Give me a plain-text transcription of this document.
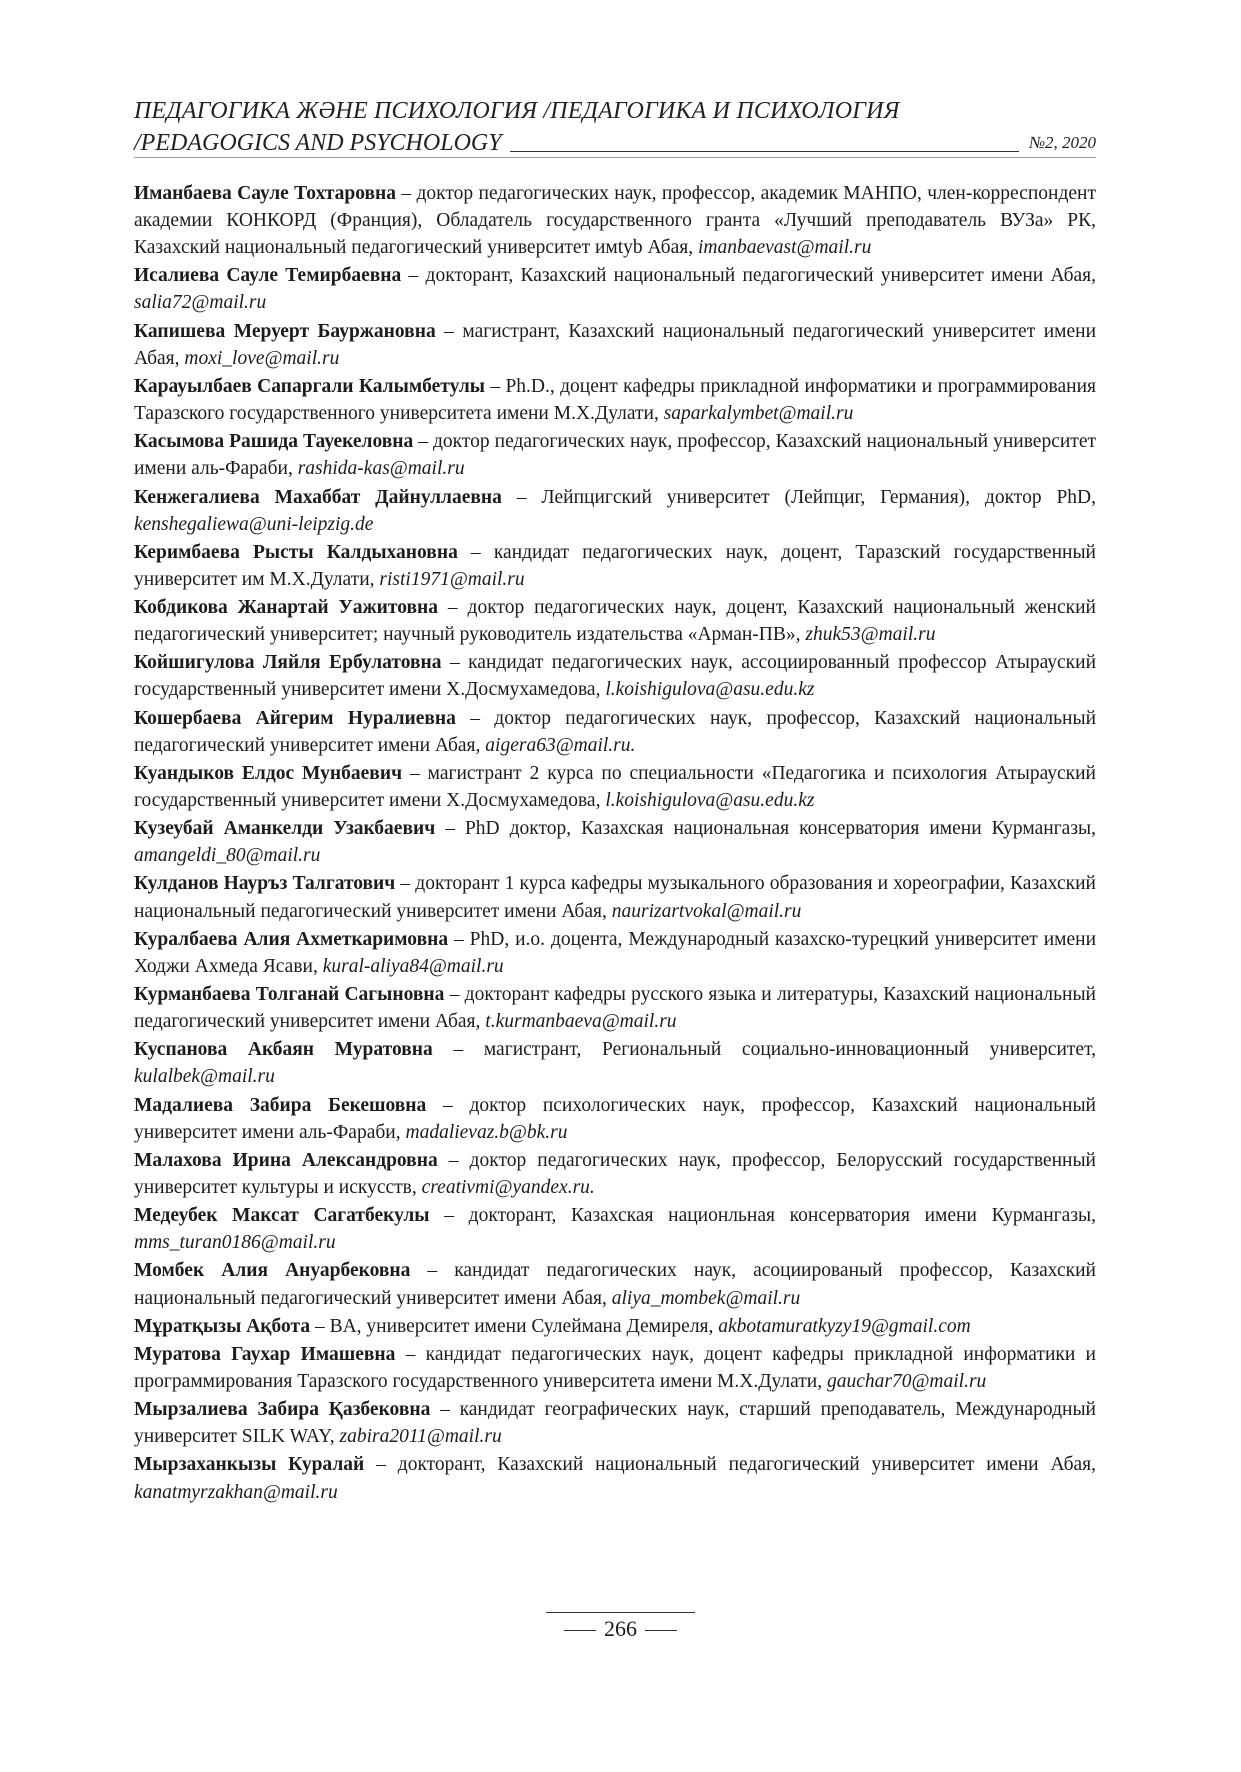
ПЕДАГОГИКА ЖӘНЕ ПСИХОЛОГИЯ /ПЕДАГОГИКА И ПСИХОЛОГИЯ
/PEDAGOGICS AND PSYCHOLOGY	№2, 2020

Иманбаева Сауле Тохтаровна – доктор педагогических наук, профессор, академик МАНПО, член-корреспондент академии КОНКОРД (Франция), Обладатель государственного гранта «Лучший преподаватель ВУЗа» РК, Казахский национальный педагогический университет имtyb Абая, imanbaevast@mail.ru

Исалиева Сауле Темирбаевна – докторант, Казахский национальный педагогический университет имени Абая, salia72@mail.ru

Капишева Меруерт Бауржановна – магистрант, Казахский национальный педагогический университет имени Абая, moxi_love@mail.ru

Карауылбаев Сапаргали Калымбетулы – Ph.D., доцент кафедры прикладной информатики и программирования Таразского государственного университета имени М.Х.Дулати, saparkalymbet@mail.ru

Касымова Рашида Тауекеловна – доктор педагогических наук, профессор, Казахский национальный университет имени аль-Фараби, rashida-kas@mail.ru

Кенжегалиева Махаббат Дайнуллаевна – Лейпцигский университет (Лейпциг, Германия), доктор PhD, kenshegaliewa@uni-leipzig.de

Керимбаева Рысты Калдыхановна – кандидат педагогических наук, доцент, Таразский государственный университет им М.Х.Дулати, risti1971@mail.ru

Кобдикова Жанартай Уажитовна – доктор педагогических наук, доцент, Казахский национальный женский педагогический университет; научный руководитель издательства «Арман-ПВ», zhuk53@mail.ru

Койшигулова Ляйля Ербулатовна – кандидат педагогических наук, ассоциированный профессор Атырауский государственный университет имени Х.Досмухамедова, l.koishigulova@asu.edu.kz

Кошербаева Айгерим Нуралиевна – доктор педагогических наук, профессор, Казахский национальный педагогический университет имени Абая, aigera63@mail.ru.

Куандыков Елдос Мунбаевич – магистрант 2 курса по специальности «Педагогика и психология Атырауский государственный университет имени Х.Досмухамедова, l.koishigulova@asu.edu.kz

Кузеубай Аманкелди Узакбаевич – PhD доктор, Казахская национальная консерватория имени Курмангазы, amangeldi_80@mail.ru

Кулданов Науръз Талгатович – докторант 1 курса кафедры музыкального образования и хореографии, Казахский национальный педагогический университет имени Абая, naurizartvokal@mail.ru

Куралбаева Алия Ахметкаримовна – PhD, и.о. доцента, Международный казахско-турецкий университет имени Ходжи Ахмеда Ясави, kural-aliya84@mail.ru

Курманбаева Толганай Сагыновна – докторант кафедры русского языка и литературы, Казахский национальный педагогический университет имени Абая, t.kurmanbaeva@mail.ru

Куспанова Акбаян Муратовна – магистрант, Региональный социально-инновационный университет, kulalbek@mail.ru

Мадалиева Забира Бекешовна – доктор психологических наук, профессор, Казахский национальный университет имени аль-Фараби, madalievaz.b@bk.ru

Малахова Ирина Александровна – доктор педагогических наук, профессор, Белорусский государственный университет культуры и искусств, creativmi@yandex.ru.

Медеубек Максат Сагатбекулы – докторант, Казахская национльная консерватория имени Курмангазы, mms_turan0186@mail.ru

Момбек Алия Ануарбековна – кандидат педагогических наук, асоциированый профессор, Казахский национальный педагогический университет имени Абая, aliya_mombek@mail.ru

Мұратқызы Ақбота – BA, университет имени Сулеймана Демиреля, akbotamuratkyzy19@gmail.com

Муратова Гаухар Имашевна – кандидат педагогических наук, доцент кафедры прикладной информатики и программирования Таразского государственного университета имени М.Х.Дулати, gauchar70@mail.ru

Мырзалиева Забира Қазбековна – кандидат географических наук, старший преподаватель, Международный университет SILK WAY, zabira2011@mail.ru

Мырзаханкызы Куралай – докторант, Казахский национальный педагогический университет имени Абая, kanatmyrzakhan@mail.ru

266
